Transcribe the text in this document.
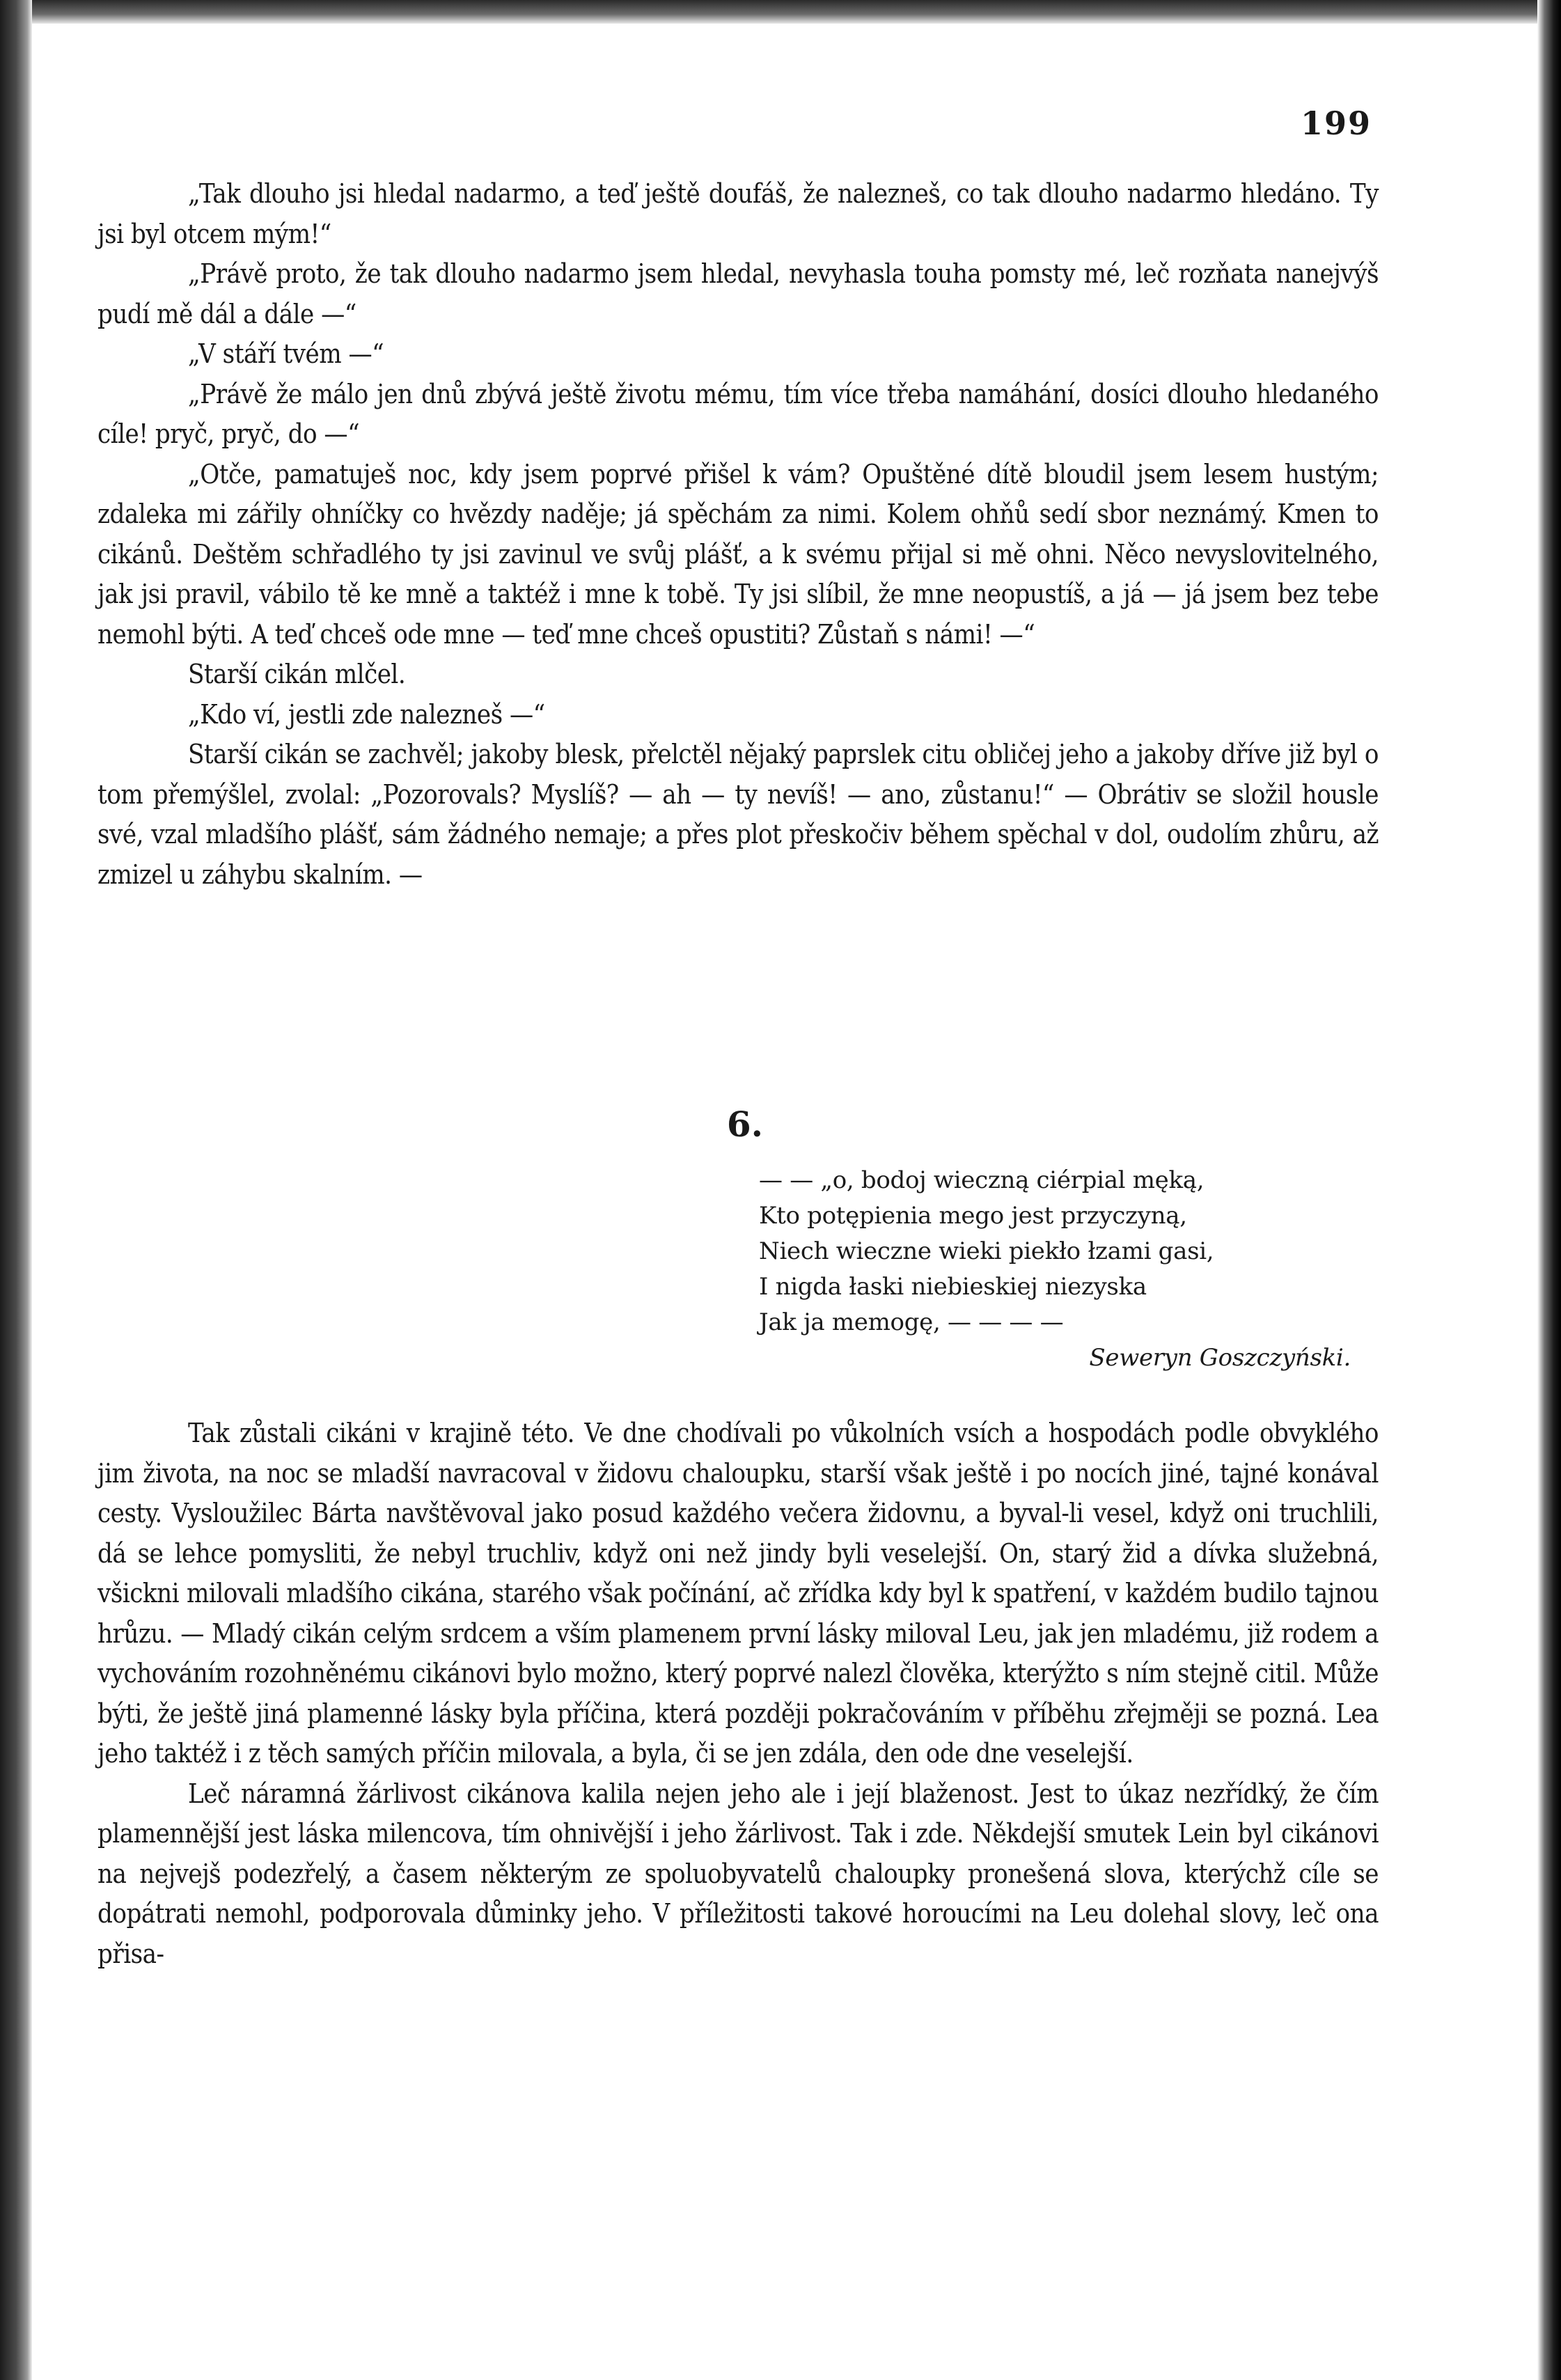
199

„Tak dlouho jsi hledal nadarmo, a teď ještě doufáš, že nalezneš, co tak dlouho nadarmo hledáno. Ty jsi byl otcem mým!“

„Právě proto, že tak dlouho nadarmo jsem hledal, nevyhasla touha pomsty mé, leč rozňata nanejvýš pudí mě dál a dále —“

„V stáří tvém —“

„Právě že málo jen dnů zbývá ještě životu mému, tím více třeba namáhání, dosíci dlouho hledaného cíle! pryč, pryč, do —“

„Otče, pamatuješ noc, kdy jsem poprvé přišel k vám? Opuštěné dítě bloudil jsem lesem hustým; zdaleka mi zářily ohníčky co hvězdy naděje; já spěchám za nimi. Kolem ohňů sedí sbor neznámý. Kmen to cikánů. Deštěm schřadlého ty jsi zavinul ve svůj plášť, a k svému přijal si mě ohni. Něco nevyslovitelného, jak jsi pravil, vábilo tě ke mně a taktéž i mne k tobě. Ty jsi slíbil, že mne neopustíš, a já — já jsem bez tebe nemohl býti. A teď chceš ode mne — teď mne chceš opustiti? Zůstaň s námi! —“

Starší cikán mlčel.

„Kdo ví, jestli zde nalezneš —“

Starší cikán se zachvěl; jakoby blesk, přelctěl nějaký paprslek citu obličej jeho a jakoby dříve již byl o tom přemýšlel, zvolal: „Pozorovals? Myslíš? — ah — ty nevíš! — ano, zůstanu!“ — Obrátiv se složil housle své, vzal mladšího plášť, sám žádného nemaje; a přes plot přeskočiv během spěchal v dol, oudolím zhůru, až zmizel u záhybu skalním. —

6.
— — „o, bodoj wieczną ciérpial męką,
Kto potępienia mego jest przyczyną,
Niech wieczne wieki piekło łzami gasi,
I nigda łaski niebieskiej niezyska
Jak ja memogę, — — — —
Seweryn Goszczyński.

Tak zůstali cikáni v krajině této. Ve dne chodívali po vůkolních vsích a hospodách podle obvyklého jim života, na noc se mladší navracoval v židovu chaloupku, starší však ještě i po nocích jiné, tajné konával cesty. Vysloužilec Bárta navštěvoval jako posud každého večera židovnu, a byval-li vesel, když oni truchlili, dá se lehce pomysliti, že nebyl truchliv, když oni než jindy byli veselejší. On, starý žid a dívka služebná, všickni milovali mladšího cikána, starého však počínání, ač zřídka kdy byl k spatření, v každém budilo tajnou hrůzu. — Mladý cikán celým srdcem a vším plamenem první lásky miloval Leu, jak jen mladému, již rodem a vychováním rozohněnému cikánovi bylo možno, který poprvé nalezl člověka, kterýžto s ním stejně citil. Může býti, že ještě jiná plamenné lásky byla příčina, která později pokračováním v příběhu zřejměji se pozná. Lea jeho taktéž i z těch samých příčin milovala, a byla, či se jen zdála, den ode dne veselejší.

Leč náramná žárlivost cikánova kalila nejen jeho ale i její blaženost. Jest to úkaz nezřídký, že čím plamennější jest láska milencova, tím ohnivější i jeho žárlivost. Tak i zde. Někdejší smutek Lein byl cikánovi na nejvejš podezřelý, a časem některým ze spoluobyvatelů chaloupky pronešená slova, kterýchž cíle se dopátrati nemohl, podporovala důminky jeho. V příležitosti takové horoucími na Leu dolehal slovy, leč ona přisa-
